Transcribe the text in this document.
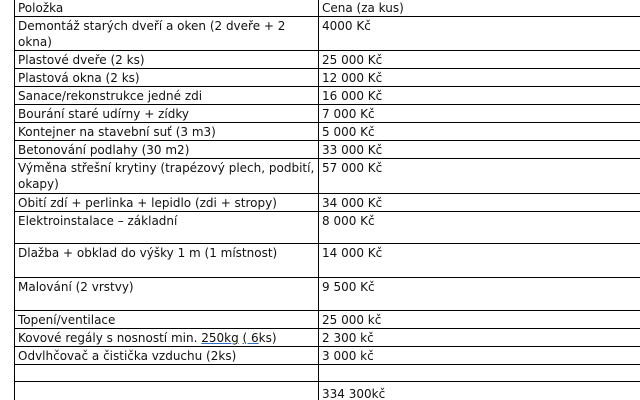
Položka	Cena (za kus)
Demontáž starých dveří a oken (2 dveře + 2 okna)	4000 Kč
Plastové dveře (2 ks)	25 000 Kč
Plastová okna (2 ks)	12 000 Kč
Sanace/rekonstrukce jedné zdi	16 000 Kč
Bourání staré udírny + zídky	7 000 Kč
Kontejner na stavební suť (3 m3)	5 000 Kč
Betonování podlahy (30 m2)	33 000 Kč
Výměna střešní krytiny (trapézový plech, podbití, okapy)	57 000 Kč
Obití zdí + perlinka + lepidlo (zdi + stropy)	34 000 Kč
Elektroinstalace – základní	8 000 Kč
Dlažba + obklad do výšky 1 m (1 místnost)	14 000 Kč
Malování (2 vrstvy)	9 500 Kč
Topení/ventilace	25 000 kč
Kovové regály s nosností min. 250kg ( 6ks)	2 300 kč
Odvlhčovač a čistička vzduchu (2ks)	3 000 kč

	334 300kč
